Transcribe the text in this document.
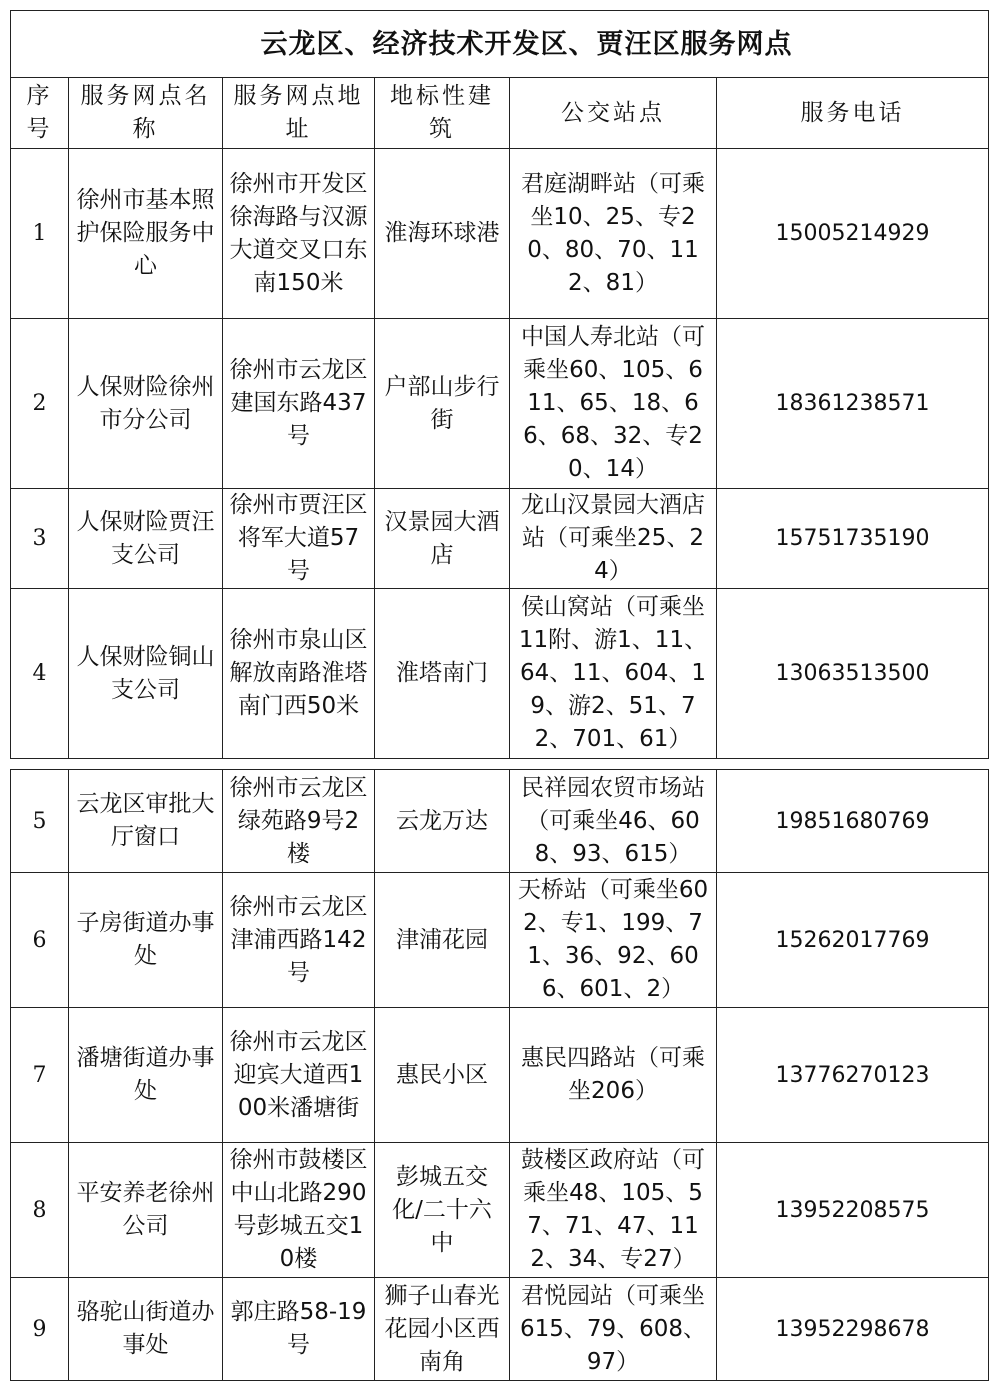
云龙区、经济技术开发区、贾汪区服务网点					
序号	服务网点名称	服务网点地址	地标性建筑	公交站点	服务电话
1	徐州市基本照护保险服务中心	徐州市开发区徐海路与汉源大道交叉口东南150米	淮海环球港	君庭湖畔站（可乘坐10、25、专20、80、70、112、81）	15005214929
2	人保财险徐州市分公司	徐州市云龙区建国东路437号	户部山步行街	中国人寿北站（可乘坐60、105、611、65、18、66、68、32、专20、14）	18361238571
3	人保财险贾汪支公司	徐州市贾汪区将军大道57号	汉景园大酒店	龙山汉景园大酒店站（可乘坐25、24）	15751735190
4	人保财险铜山支公司	徐州市泉山区解放南路淮塔南门西50米	淮塔南门	侯山窝站（可乘坐11附、游1、11、64、11、604、19、游2、51、72、701、61）	13063513500
5	云龙区审批大厅窗口	徐州市云龙区绿苑路9号2楼	云龙万达	民祥园农贸市场站（可乘坐46、608、93、615）	19851680769
6	子房街道办事处	徐州市云龙区津浦西路142号	津浦花园	天桥站（可乘坐602、专1、199、71、36、92、606、601、2）	15262017769
7	潘塘街道办事处	徐州市云龙区迎宾大道西100米潘塘街	惠民小区	惠民四路站（可乘坐206）	13776270123
8	平安养老徐州公司	徐州市鼓楼区中山北路290号彭城五交10楼	彭城五交化/二十六中	鼓楼区政府站（可乘坐48、105、57、71、47、112、34、专27）	13952208575
9	骆驼山街道办事处	郭庄路58-19号	狮子山春光花园小区西南角	君悦园站（可乘坐615、79、608、97）	13952298678
